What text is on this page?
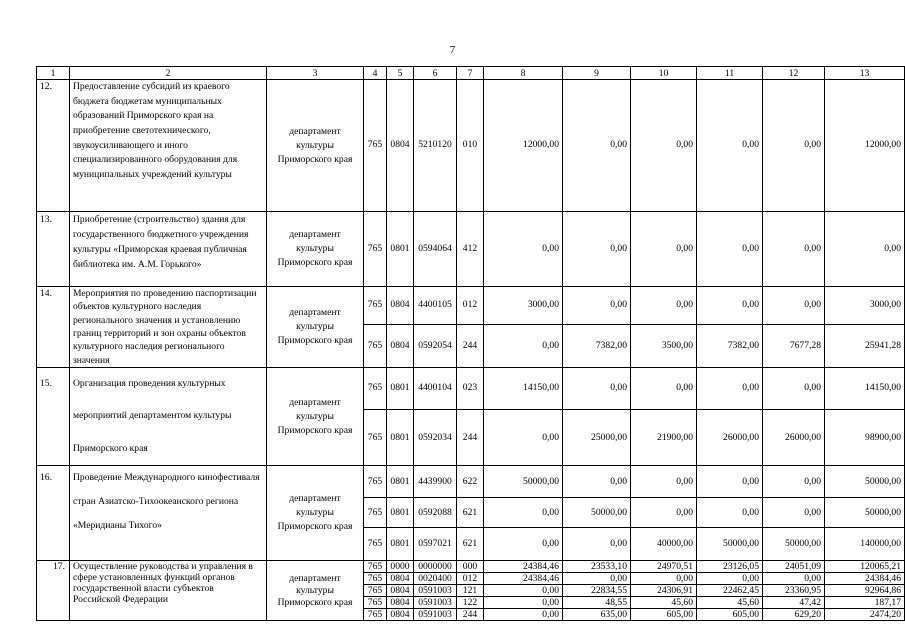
7
1	2	3	4	5	6	7	8	9	10	11	12	13
12.	Предоставление субсидий из краевого бюджета бюджетам муниципальных образований Приморского края на приобретение светотехнического, звукоусиливающего и иного специализированного оборудования для муниципальных учреждений культуры	департамент культуры Приморского края	765	0804	5210120	010	12000,00	0,00	0,00	0,00	0,00	12000,00
13.	Приобретение (строительство) здания для государственного бюджетного учреждения культуры «Приморская краевая публичная библиотека им. А.М. Горького»	департамент культуры Приморского края	765	0801	0594064	412	0,00	0,00	0,00	0,00	0,00	0,00
14.	Мероприятия по проведению паспортизации объектов культурного наследия регионального значения и установлению границ территорий и зон охраны объектов культурного наследия регионального значения	департамент культуры Приморского края	765	0804	4400105	012	3000,00	0,00	0,00	0,00	0,00	3000,00
			765	0804	0592054	244	0,00	7382,00	3500,00	7382,00	7677,28	25941,28
15.	Организация проведения культурных мероприятий департаментом культуры Приморского края	департамент культуры Приморского края	765	0801	4400104	023	14150,00	0,00	0,00	0,00	0,00	14150,00
			765	0801	0592034	244	0,00	25000,00	21900,00	26000,00	26000,00	98900,00
16.	Проведение Международного кинофестиваля стран Азиатско-Тихоокеанского региона «Меридианы Тихого»	департамент культуры Приморского края	765	0801	4439900	622	50000,00	0,00	0,00	0,00	0,00	50000,00
			765	0801	0592088	621	0,00	50000,00	0,00	0,00	0,00	50000,00
			765	0801	0597021	621	0,00	0,00	40000,00	50000,00	50000,00	140000,00
17.	Осуществление руководства и управления в сфере установленных функций органов государственной власти субъектов Российской Федерации	департамент культуры Приморского края	765	0000	0000000	000	24384,46	23533,10	24970,51	23126,05	24051,09	120065,21
			765	0804	0020400	012	24384,46	0,00	0,00	0,00	0,00	24384,46
			765	0804	0591003	121	0,00	22834,55	24306,91	22462,45	23360,95	92964,86
			765	0804	0591003	122	0,00	48,55	45,60	45,60	47,42	187,17
			765	0804	0591003	244	0,00	635,00	605,00	605,00	629,20	2474,20
